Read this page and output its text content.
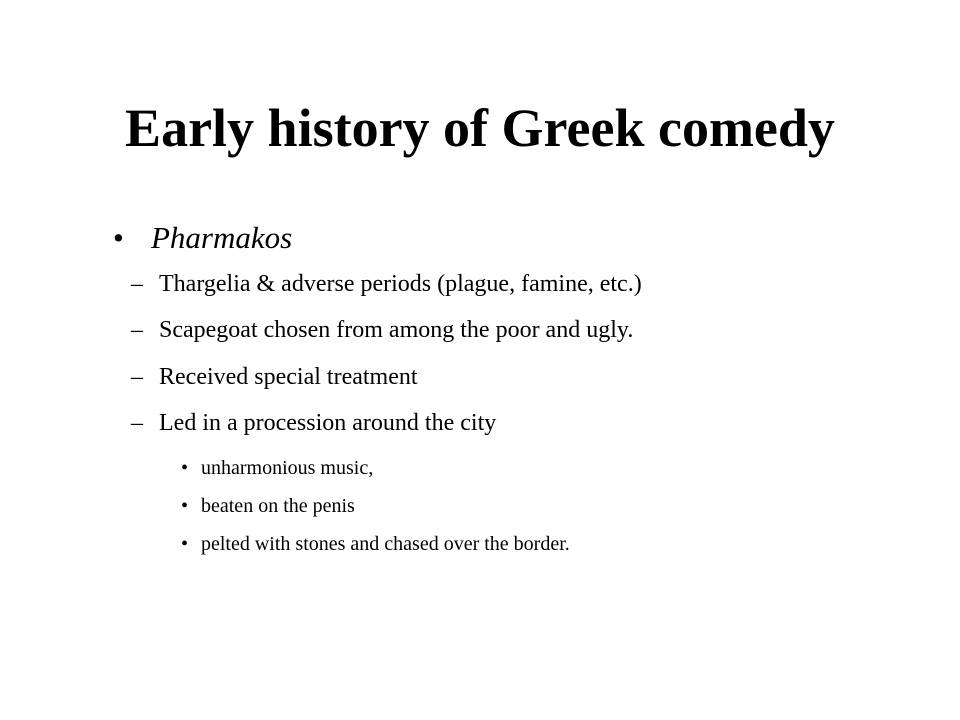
Early history of Greek comedy
• Pharmakos
– Thargelia & adverse periods (plague, famine, etc.)
– Scapegoat chosen from among the poor and ugly.
– Received special treatment
– Led in a procession around the city
• unharmonious music,
• beaten on the penis
• pelted with stones and chased over the border.
